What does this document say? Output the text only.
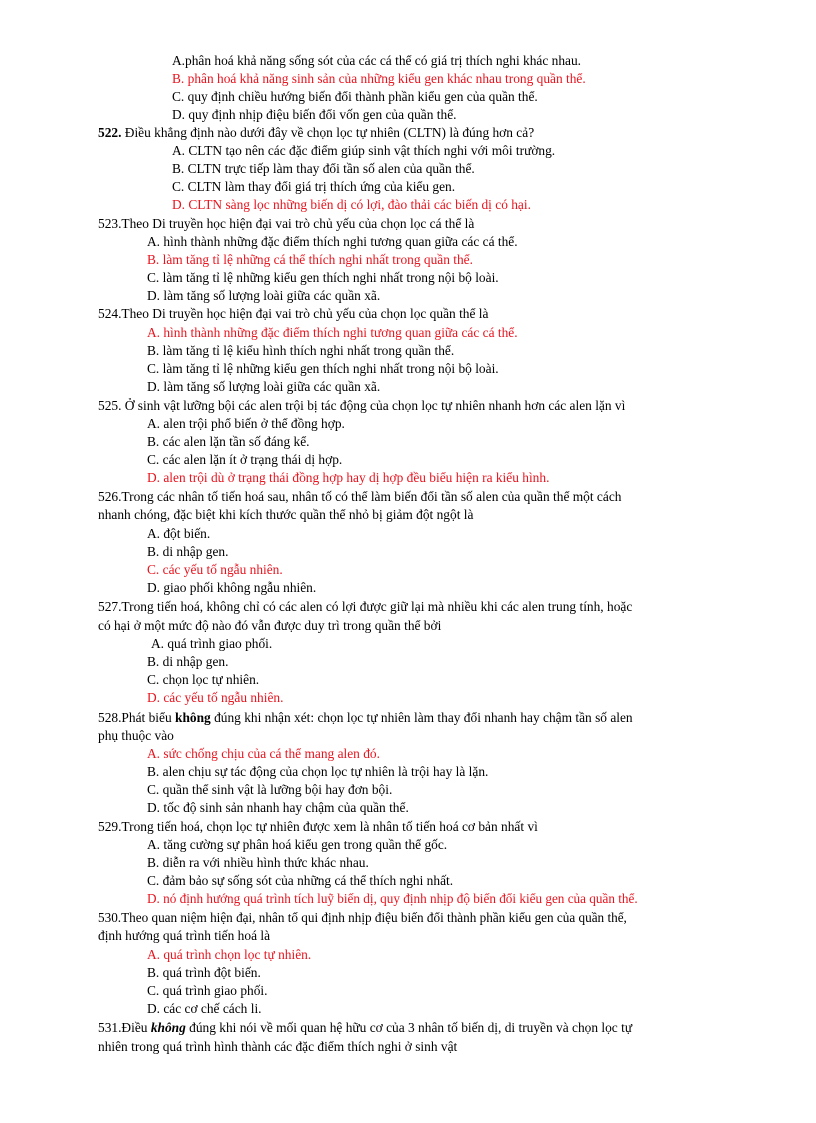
A.phân hoá khả năng sống sót của các cá thể có giá trị thích nghi khác nhau.
B. phân hoá khả năng sinh sản của những kiểu gen khác nhau trong quần thể.
C. quy định chiều hướng biến đổi thành phần kiểu gen của quần thể.
D. quy định nhịp điệu biến đổi vốn gen của quần thể.
522. Điều khẳng định nào dưới đây về chọn lọc tự nhiên (CLTN) là đúng hơn cả?
A. CLTN tạo nên các đặc điểm giúp sinh vật thích nghi với môi trường.
B. CLTN trực tiếp làm thay đổi tần số alen của quần thể.
C. CLTN làm thay đổi giá trị thích ứng của kiểu gen.
D. CLTN sàng lọc những biến dị có lợi, đào thải các biến dị có hại.
523.Theo Di truyền học hiện đại vai trò chủ yếu của chọn lọc cá thể là
A. hình thành những đặc điểm thích nghi tương quan giữa các cá thể.
B. làm tăng tỉ lệ những cá thể thích nghi nhất trong quần thể.
C. làm tăng tỉ lệ những kiểu gen thích nghi nhất trong nội bộ loài.
D. làm tăng số lượng loài giữa các quần xã.
524.Theo Di truyền học hiện đại vai trò chủ yếu của chọn lọc quần thể là
A. hình thành những đặc điểm thích nghi tương quan giữa các cá thể.
B. làm tăng tỉ lệ kiểu hình thích nghi nhất trong quần thể.
C. làm tăng tỉ lệ những kiểu gen thích nghi nhất trong nội bộ loài.
D. làm tăng số lượng loài giữa các quần xã.
525. Ở sinh vật lưỡng bội các alen trội bị tác động của chọn lọc tự nhiên nhanh hơn các alen lặn vì
A. alen trội phổ biến ở thể đồng hợp.
B. các alen lặn tần số đáng kể.
C. các alen lặn ít ở trạng thái dị hợp.
D. alen trội dù ở trạng thái đồng hợp hay dị hợp đều biểu hiện ra kiểu hình.
526.Trong các nhân tố tiến hoá sau, nhân tố có thể làm biến đổi tần số alen của quần thể một cách
nhanh chóng, đặc biệt khi kích thước quần thể nhỏ bị giảm đột ngột là
A. đột biến.
B. di nhập gen.
C. các yếu tố ngẫu nhiên.
D. giao phối không ngẫu nhiên.
527.Trong tiến hoá, không chỉ có các alen có lợi được giữ lại mà nhiều khi các alen trung tính, hoặc
có hại ở một mức độ nào đó vẫn được duy trì trong quần thể bởi
A. quá trình giao phối.
B. di nhập gen.
C. chọn lọc tự nhiên.
D. các yếu tố ngẫu nhiên.
528.Phát biểu không đúng khi nhận xét: chọn lọc tự nhiên làm thay đổi nhanh hay chậm tần số alen
phụ thuộc vào
A. sức chống chịu của cá thể mang alen đó.
B. alen chịu sự tác động của chọn lọc tự nhiên là trội hay là lặn.
C. quần thể sinh vật là lưỡng bội hay đơn bội.
D. tốc độ sinh sản nhanh hay chậm của quần thể.
529.Trong tiến hoá, chọn lọc tự nhiên được xem là nhân tố tiến hoá cơ bản nhất vì
A. tăng cường sự phân hoá kiểu gen trong quần thể gốc.
B. diễn ra với nhiều hình thức khác nhau.
C. đảm bảo sự sống sót của những cá thể thích nghi nhất.
D. nó định hướng quá trình tích luỹ biến dị, quy định nhịp độ biến đổi kiểu gen của quần thể.
530.Theo quan niệm hiện đại, nhân tố qui định nhịp điệu biến đổi thành phần kiểu gen của quần thể,
định hướng quá trình tiến hoá là
A. quá trình chọn lọc tự nhiên.
B. quá trình đột biến.
C. quá trình giao phối.
D. các cơ chế cách li.
531.Điều không đúng khi nói về mối quan hệ hữu cơ của 3 nhân tố biến dị, di truyền và chọn lọc tự
nhiên trong quá trình hình thành các đặc điểm thích nghi ở sinh vật
